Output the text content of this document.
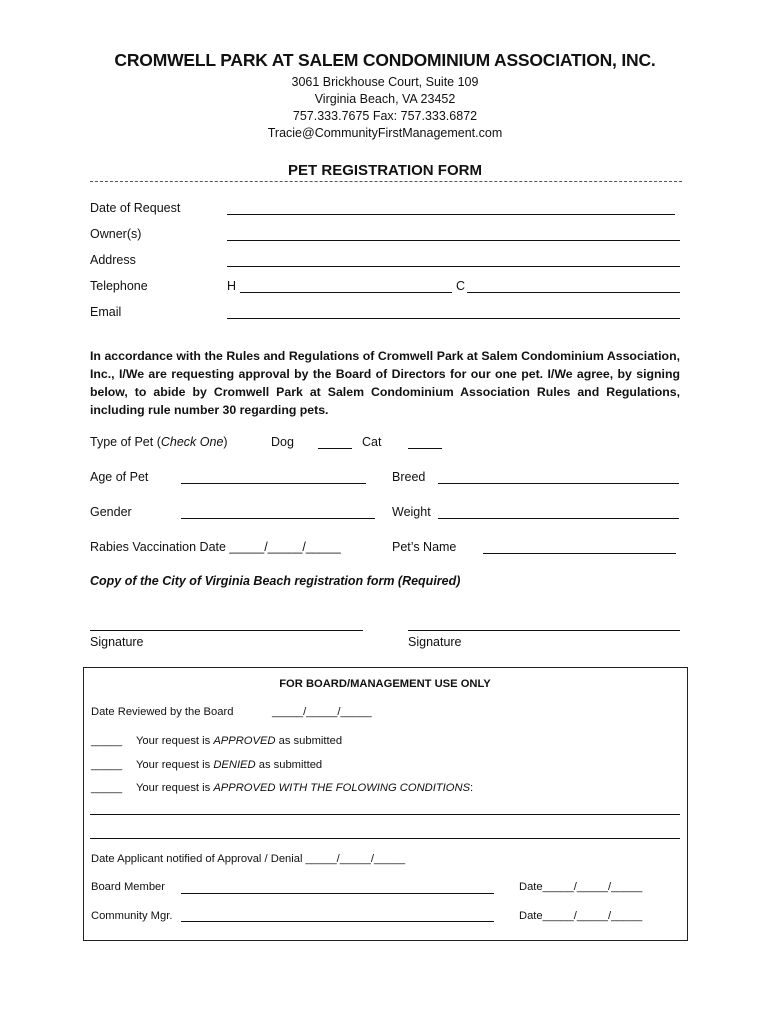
CROMWELL PARK AT SALEM CONDOMINIUM ASSOCIATION, INC.
3061 Brickhouse Court, Suite 109
Virginia Beach, VA 23452
757.333.7675 Fax: 757.333.6872
Tracie@CommunityFirstManagement.com
PET REGISTRATION FORM
Date of Request
Owner(s)
Address
Telephone	H	C
Email
In accordance with the Rules and Regulations of Cromwell Park at Salem Condominium Association,
Inc., I/We are requesting approval by the Board of Directors for our one pet. I/We agree, by signing
below, to abide by Cromwell Park at Salem Condominium Association Rules and Regulations,
including rule number 30 regarding pets.
Type of Pet (Check One)	Dog	Cat
Age of Pet	Breed
Gender	Weight
Rabies Vaccination Date _____/_____/_____	Pet’s Name
Copy of the City of Virginia Beach registration form (Required)
Signature	Signature
FOR BOARD/MANAGEMENT USE ONLY
Date Reviewed by the Board	_____/_____/_____
_____ Your request is APPROVED as submitted
_____ Your request is DENIED as submitted
_____ Your request is APPROVED WITH THE FOLOWING CONDITIONS:
Date Applicant notified of Approval / Denial _____/_____/_____
Board Member	Date_____/_____/_____
Community Mgr.	Date_____/_____/_____
